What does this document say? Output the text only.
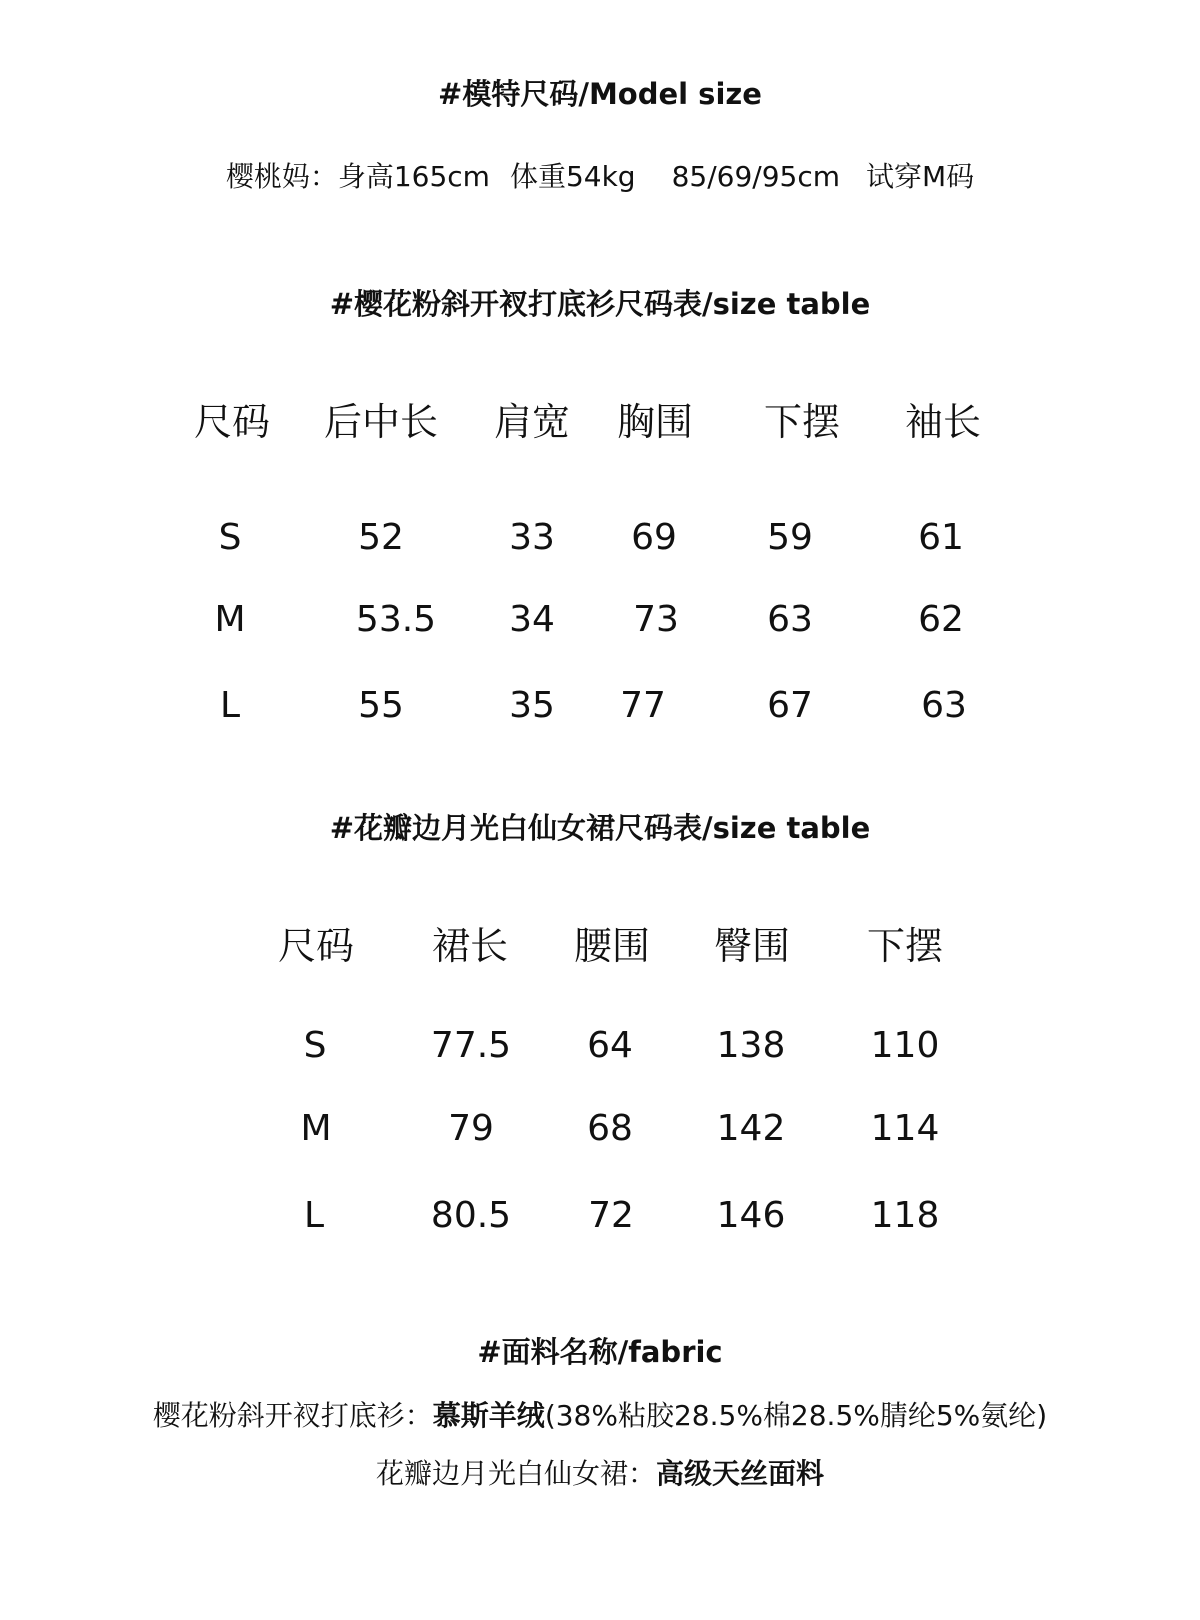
#模特尺码/Model size
樱桃妈：身高165cm 体重54kg 85/69/95cm 试穿M码
#樱花粉斜开衩打底衫尺码表/size table
尺码 后中长 肩宽 胸围 下摆 袖长
S	52	33 69	59	61
M	53.5 34 73 63	62
L	55	35 77	67	63
#花瓣边月光白仙女裙尺码表/size table
尺码 裙长 腰围 臀围 下摆
S	77.5 64 138 110
M	79	68 142 114
L	80.5 72 146 118
#面料名称/fabric
樱花粉斜开衩打底衫：慕斯羊绒(38%粘胶28.5%棉28.5%腈纶5%氨纶)
花瓣边月光白仙女裙：高级天丝面料
